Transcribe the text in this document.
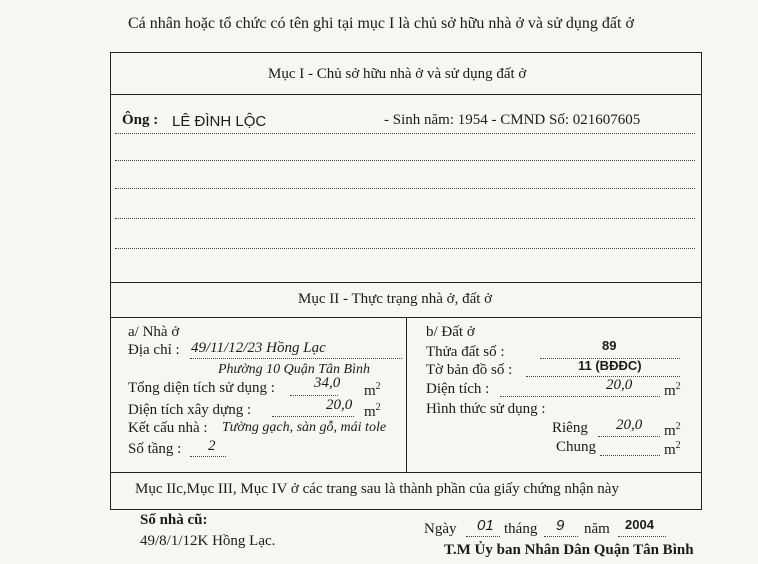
Cá nhân hoặc tổ chức có tên ghi tại mục I là chủ sở hữu nhà ở và sử dụng đất ở
Mục I - Chủ sở hữu nhà ở và sử dụng đất ở
Ông : LÊ ĐÌNH LỘC	- Sinh năm: 1954 - CMND Số: 021607605
Mục II - Thực trạng nhà ở, đất ở
a/ Nhà ở
Địa chỉ : 49/11/12/23 Hồng Lạc
Phường 10 Quận Tân Bình
Tổng diện tích sử dụng :	34,0 $m^2$
Diện tích xây dựng :	20,0 $m^2$
Kết cấu nhà : Tường gạch, sàn gỗ, mái tole
Số tầng : 2
b/ Đất ở
Thửa đất số :	89
Tờ bản đồ số :	11 (BĐĐC)
Diện tích :	20,0 $m^2$
Hình thức sử dụng :
Riêng 20,0 $m^2$
Chung	$m^2$
Mục IIc,Mục III, Mục IV ở các trang sau là thành phần của giấy chứng nhận này
Số nhà cũ:
49/8/1/12K Hồng Lạc.
Ngày 01 tháng 9 năm 2004
T.M Ủy ban Nhân Dân Quận Tân Bình
